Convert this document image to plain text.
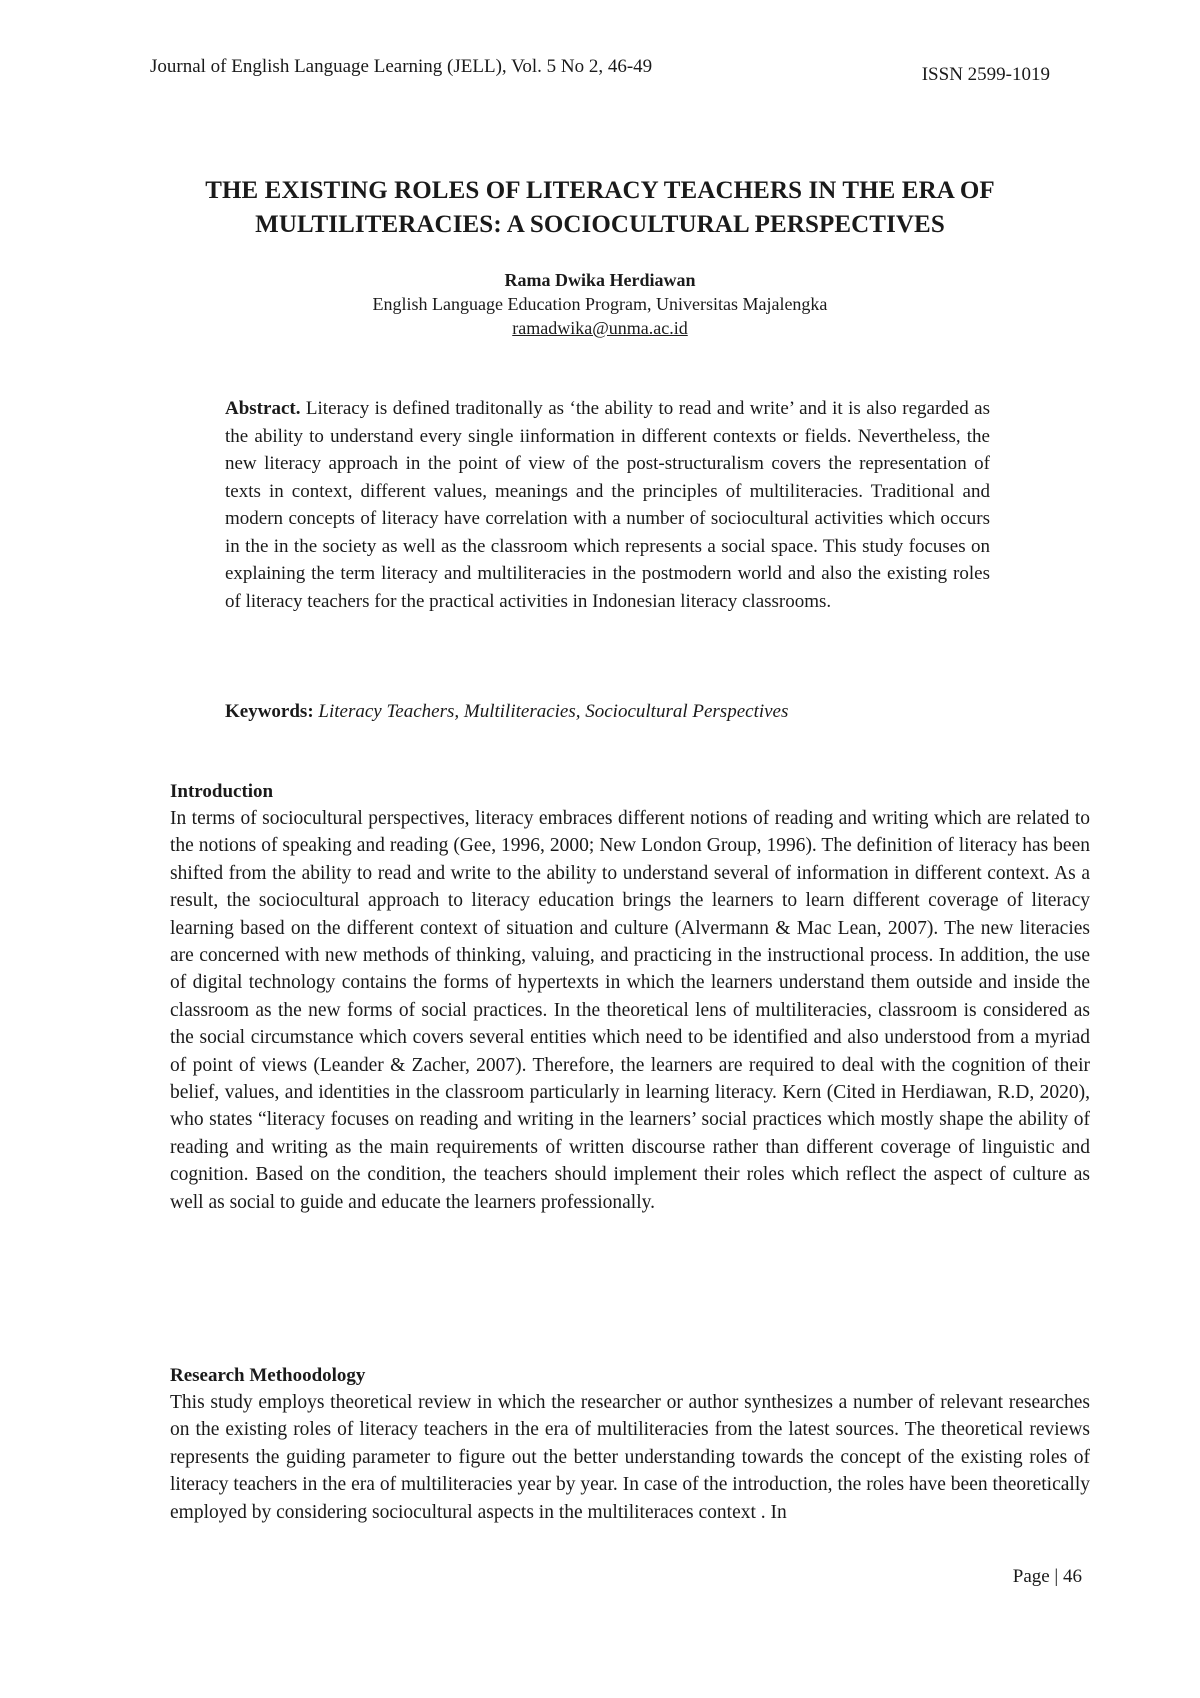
Journal of English Language Learning (JELL), Vol. 5 No 2, 46-49	ISSN 2599-1019
THE EXISTING ROLES OF LITERACY TEACHERS IN THE ERA OF
MULTILITERACIES: A SOCIOCULTURAL PERSPECTIVES
Rama Dwika Herdiawan
English Language Education Program, Universitas Majalengka
ramadwika@unma.ac.id

Abstract. Literacy is defined traditonally as ‘the ability to read and write’ and it is also regarded as the ability to understand every single iinformation in different contexts or fields. Nevertheless, the new literacy approach in the point of view of the post-structuralism covers the representation of texts in context, different values, meanings and the principles of multiliteracies. Traditional and modern concepts of literacy have correlation with a number of sociocultural activities which occurs in the in the society as well as the classroom which represents a social space. This study focuses on explaining the term literacy and multiliteracies in the postmodern world and also the existing roles of literacy teachers for the practical activities in Indonesian literacy classrooms.

Keywords: Literacy Teachers, Multiliteracies, Sociocultural Perspectives

Introduction

In terms of sociocultural perspectives, literacy embraces different notions of reading and writing which are related to the notions of speaking and reading (Gee, 1996, 2000; New London Group, 1996). The definition of literacy has been shifted from the ability to read and write to the ability to understand several of information in different context. As a result, the sociocultural approach to literacy education brings the learners to learn different coverage of literacy learning based on the different context of situation and culture (Alvermann & Mac Lean, 2007). The new literacies are concerned with new methods of thinking, valuing, and practicing in the instructional process. In addition, the use of digital technology contains the forms of hypertexts in which the learners understand them outside and inside the classroom as the new forms of social practices. In the theoretical lens of multiliteracies, classroom is considered as the social circumstance which covers several entities which need to be identified and also understood from a myriad of point of views (Leander & Zacher, 2007). Therefore, the learners are required to deal with the cognition of their belief, values, and identities in the classroom particularly in learning literacy. Kern (Cited in Herdiawan, R.D, 2020), who states “literacy focuses on reading and writing in the learners’ social practices which mostly shape the ability of reading and writing as the main requirements of written discourse rather than different coverage of linguistic and cognition. Based on the condition, the teachers should implement their roles which reflect the aspect of culture as well as social to guide and educate the learners professionally.

Research Methoodology

This study employs theoretical review in which the researcher or author synthesizes a number of relevant researches on the existing roles of literacy teachers in the era of multiliteracies from the latest sources. The theoretical reviews represents the guiding parameter to figure out the better understanding towards the concept of the existing roles of literacy teachers in the era of multiliteracies year by year. In case of the introduction, the roles have been theoretically employed by considering sociocultural aspects in the multiliteraces context . In

Page | 46
